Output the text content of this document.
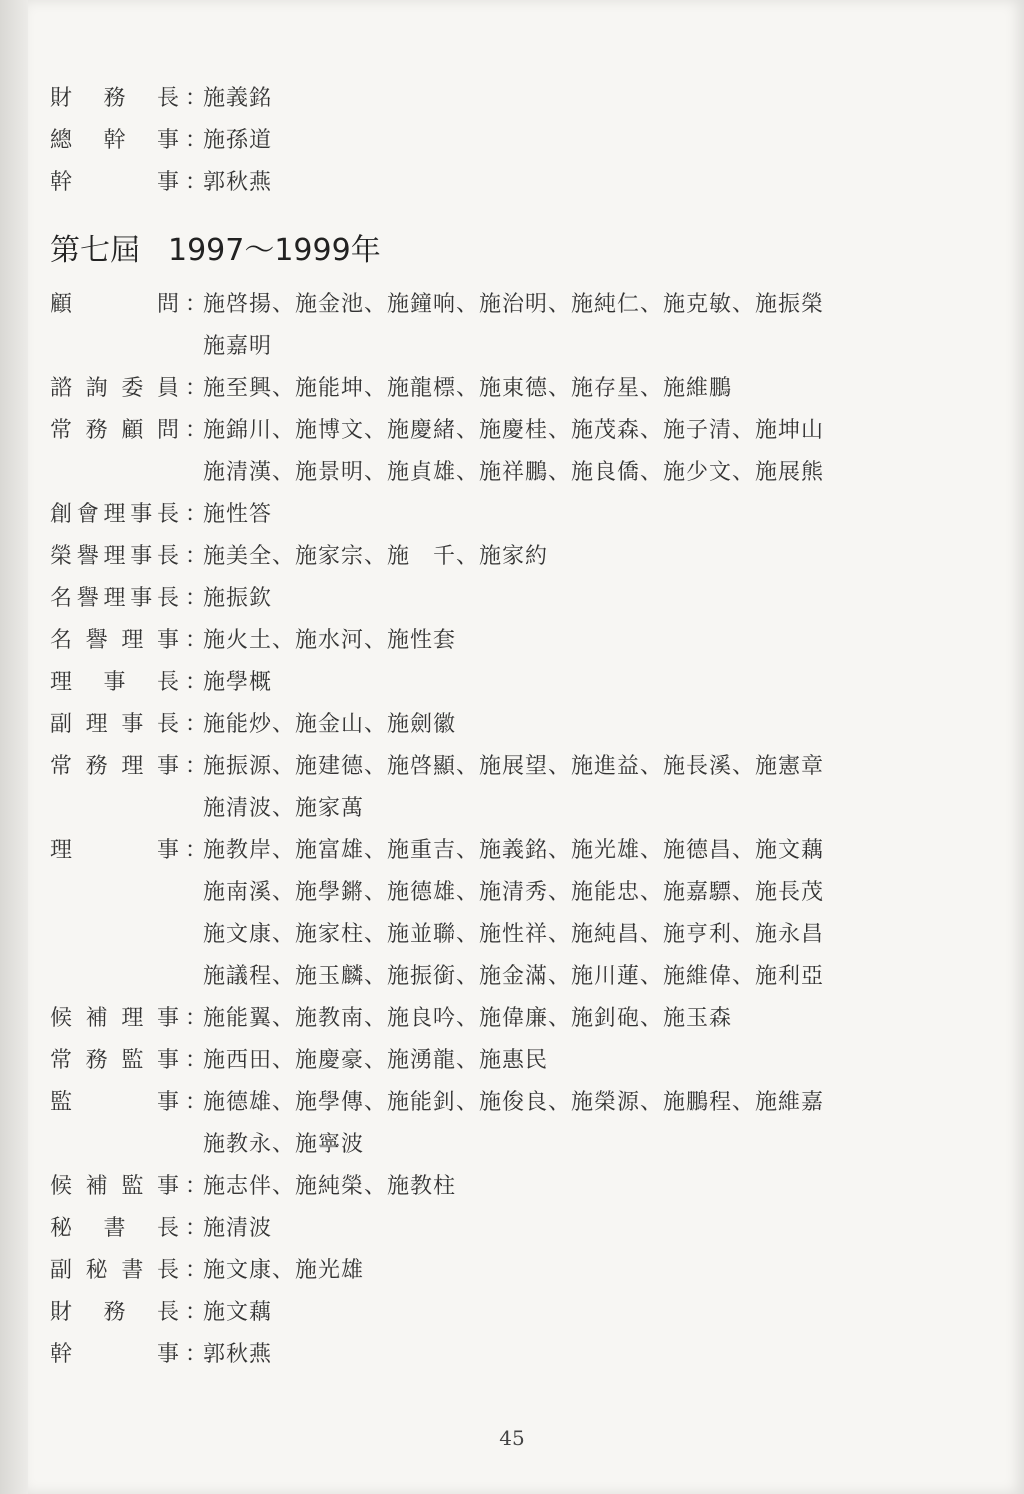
財 務 長 ：
施義銘
總 幹 事 ：
施孫道
幹	事 ：
郭秋燕
第七屆 1997～1999年
顧	問 ：
施啓揚、施金池、施鐘响、施治明、施純仁、施克敏、施振榮
施嘉明
諮 詢 委 員 ：
施至興、施能坤、施龍標、施東德、施存星、施維鵬
常 務 顧 問 ：
施錦川、施博文、施慶緒、施慶桂、施茂森、施子清、施坤山
施清漢、施景明、施貞雄、施祥鵬、施良僑、施少文、施展熊
創 會 理 事 長 ：
施性答
榮 譽 理 事 長 ：
施美全、施家宗、施　千、施家約
名 譽 理 事 長 ：
施振欽
名 譽 理 事 ：
施火土、施水河、施性套
理 事 長 ：
施學概
副 理 事 長 ：
施能炒、施金山、施劍徽
常 務 理 事 ：
施振源、施建德、施啓顯、施展望、施進益、施長溪、施憲章
施清波、施家萬
理	事 ：
施教岸、施富雄、施重吉、施義銘、施光雄、施德昌、施文藕
施南溪、施學鏘、施德雄、施清秀、施能忠、施嘉驃、施長茂
施文康、施家柱、施並聯、施性祥、施純昌、施亨利、施永昌
施議程、施玉麟、施振銜、施金滿、施川蓮、施維偉、施利亞
候 補 理 事 ：
施能翼、施教南、施良吟、施偉廉、施釗砲、施玉森
常 務 監 事 ：
施西田、施慶豪、施湧龍、施惠民
監	事 ：
施德雄、施學傳、施能釗、施俊良、施榮源、施鵬程、施維嘉
施教永、施寧波
候 補 監 事 ：
施志伴、施純榮、施教柱
秘 書 長 ：
施清波
副 秘 書 長 ：
施文康、施光雄
財 務 長 ：
施文藕
幹	事 ：
郭秋燕
45
